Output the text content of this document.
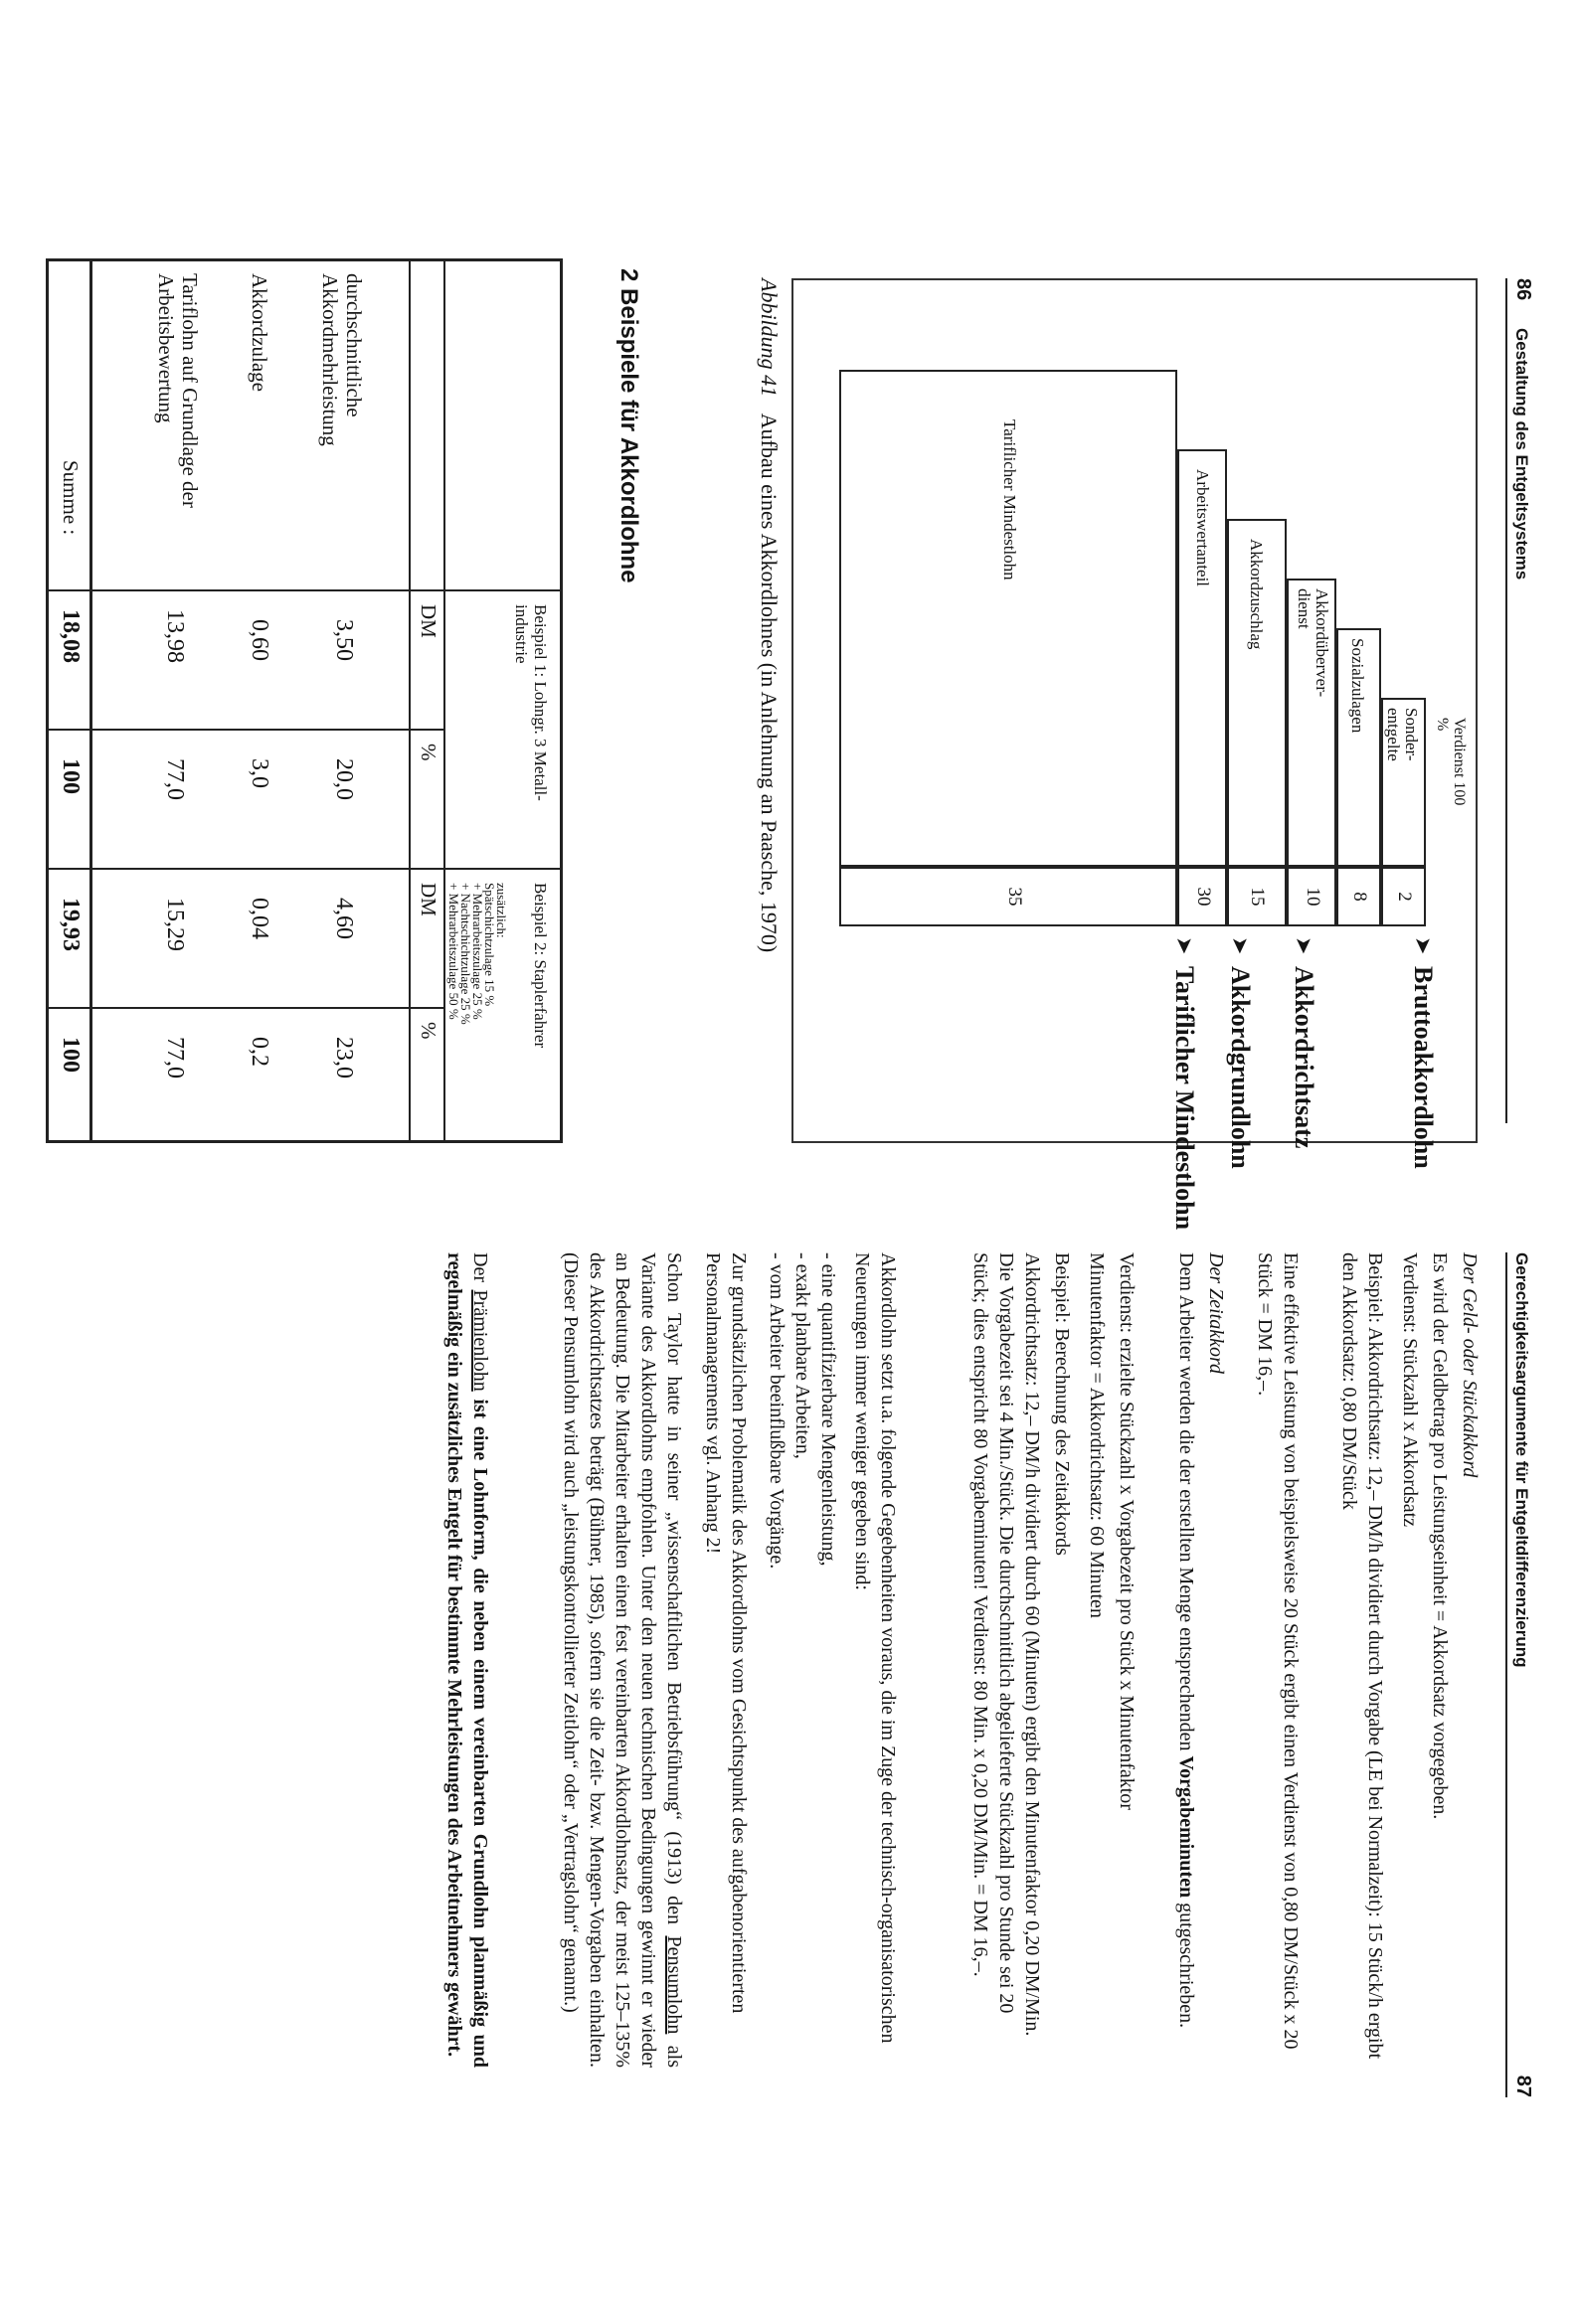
86
Gestaltung des Entgeltsystems
Verdienst 100 %
Sonder-entgelte
Sozialzulagen
Akkordüberver-dienst
Akkordzuschlag
Arbeitswertanteil
Tariflicher Mindestlohn
2
8
10
15
30
35
➤
Bruttoakkordlohn
➤
Akkordrichtsatz
➤
Akkordgrundlohn
➤
Tariflicher Mindestlohn
Abbildung 41   Aufbau eines Akkordlohnes (in Anlehnung an Paasche, 1970)
2 Beispiele für Akkordlohne
Beispiel 1: Lohngr. 3 Metall-industrie
Beispiel 2: Staplerfahrer
zusätzlich:
Spätschichtzulage 15 %
+ Mehrarbeitszulage 25 %
+ Nachtschichtzulage 25 %
+ Mehrarbeitszulage 50 %
DM
%
DM
%
durchschnittliche Akkordmehrleistung
3,50
20,0
4,60
23,0
Akkordzulage
0,60
3,0
0,04
0,2
Tariflohn auf Grundlage der Arbeitsbewertung
13,98
77,0
15,29
77,0
Summe :
18,08
100
19,93
100
Gerechtigkeitsargumente für Entgeltdifferenzierung
87
Der Geld- oder Stückakkord
Es wird der Geldbetrag pro Leistungseinheit = Akkordsatz vorgegeben.
Verdienst: Stückzahl x Akkordsatz
Beispiel: Akkordrichtsatz: 12,– DM/h dividiert durch Vorgabe (LE bei Normalzeit): 15 Stück/h ergibt den Akkordsatz: 0,80 DM/Stück
Eine effektive Leistung von beispielsweise 20 Stück ergibt einen Verdienst von 0,80 DM/Stück x 20 Stück = DM 16,–.
Der Zeitakkord
Dem Arbeiter werden die der erstellten Menge entsprechenden Vorgabeminuten gutgeschrieben.
Verdienst: erzielte Stückzahl x Vorgabezeit pro Stück x Minutenfaktor
Minutenfaktor = Akkordrichtsatz: 60 Minuten
Beispiel: Berechnung des Zeitakkords
Akkordrichtsatz: 12,– DM/h dividiert durch 60 (Minuten) ergibt den Minutenfaktor 0,20 DM/Min. Die Vorgabezeit sei 4 Min./Stück. Die durchschnittlich abgelieferte Stückzahl pro Stunde sei 20 Stück; dies entspricht 80 Vorgabeminuten! Verdienst: 80 Min. x 0,20 DM/Min. = DM 16,–.
Akkordlohn setzt u.a. folgende Gegebenheiten voraus, die im Zuge der technisch-organisatorischen Neuerungen immer weniger gegeben sind:
- eine quantifizierbare Mengenleistung,
- exakt planbare Arbeiten,
- vom Arbeiter beeinflußbare Vorgänge.
Zur grundsätzlichen Problematik des Akkordlohns vom Gesichtspunkt des aufgabenorientierten Personalmanagements vgl. Anhang 2!
Schon Taylor hatte in seiner „wissenschaftlichen Betriebsführung“ (1913) den Pensumlohn als Variante des Akkordlohns empfohlen. Unter den neuen technischen Bedingungen gewinnt er wieder an Bedeutung. Die Mitarbeiter erhalten einen fest vereinbarten Akkordlohnsatz, der meist 125–135% des Akkordrichtsatzes beträgt (Bühner, 1985), sofern sie die Zeit- bzw. Mengen-Vorgaben einhalten. (Dieser Pensumlohn wird auch „leistungskontrollierter Zeitlohn“ oder „Vertragslohn“ genannt.)
Der Prämienlohn ist eine Lohnform, die neben einem vereinbarten Grundlohn planmäßig und regelmäßig ein zusätzliches Entgelt für bestimmte Mehrleistungen des Arbeitnehmers gewährt.
